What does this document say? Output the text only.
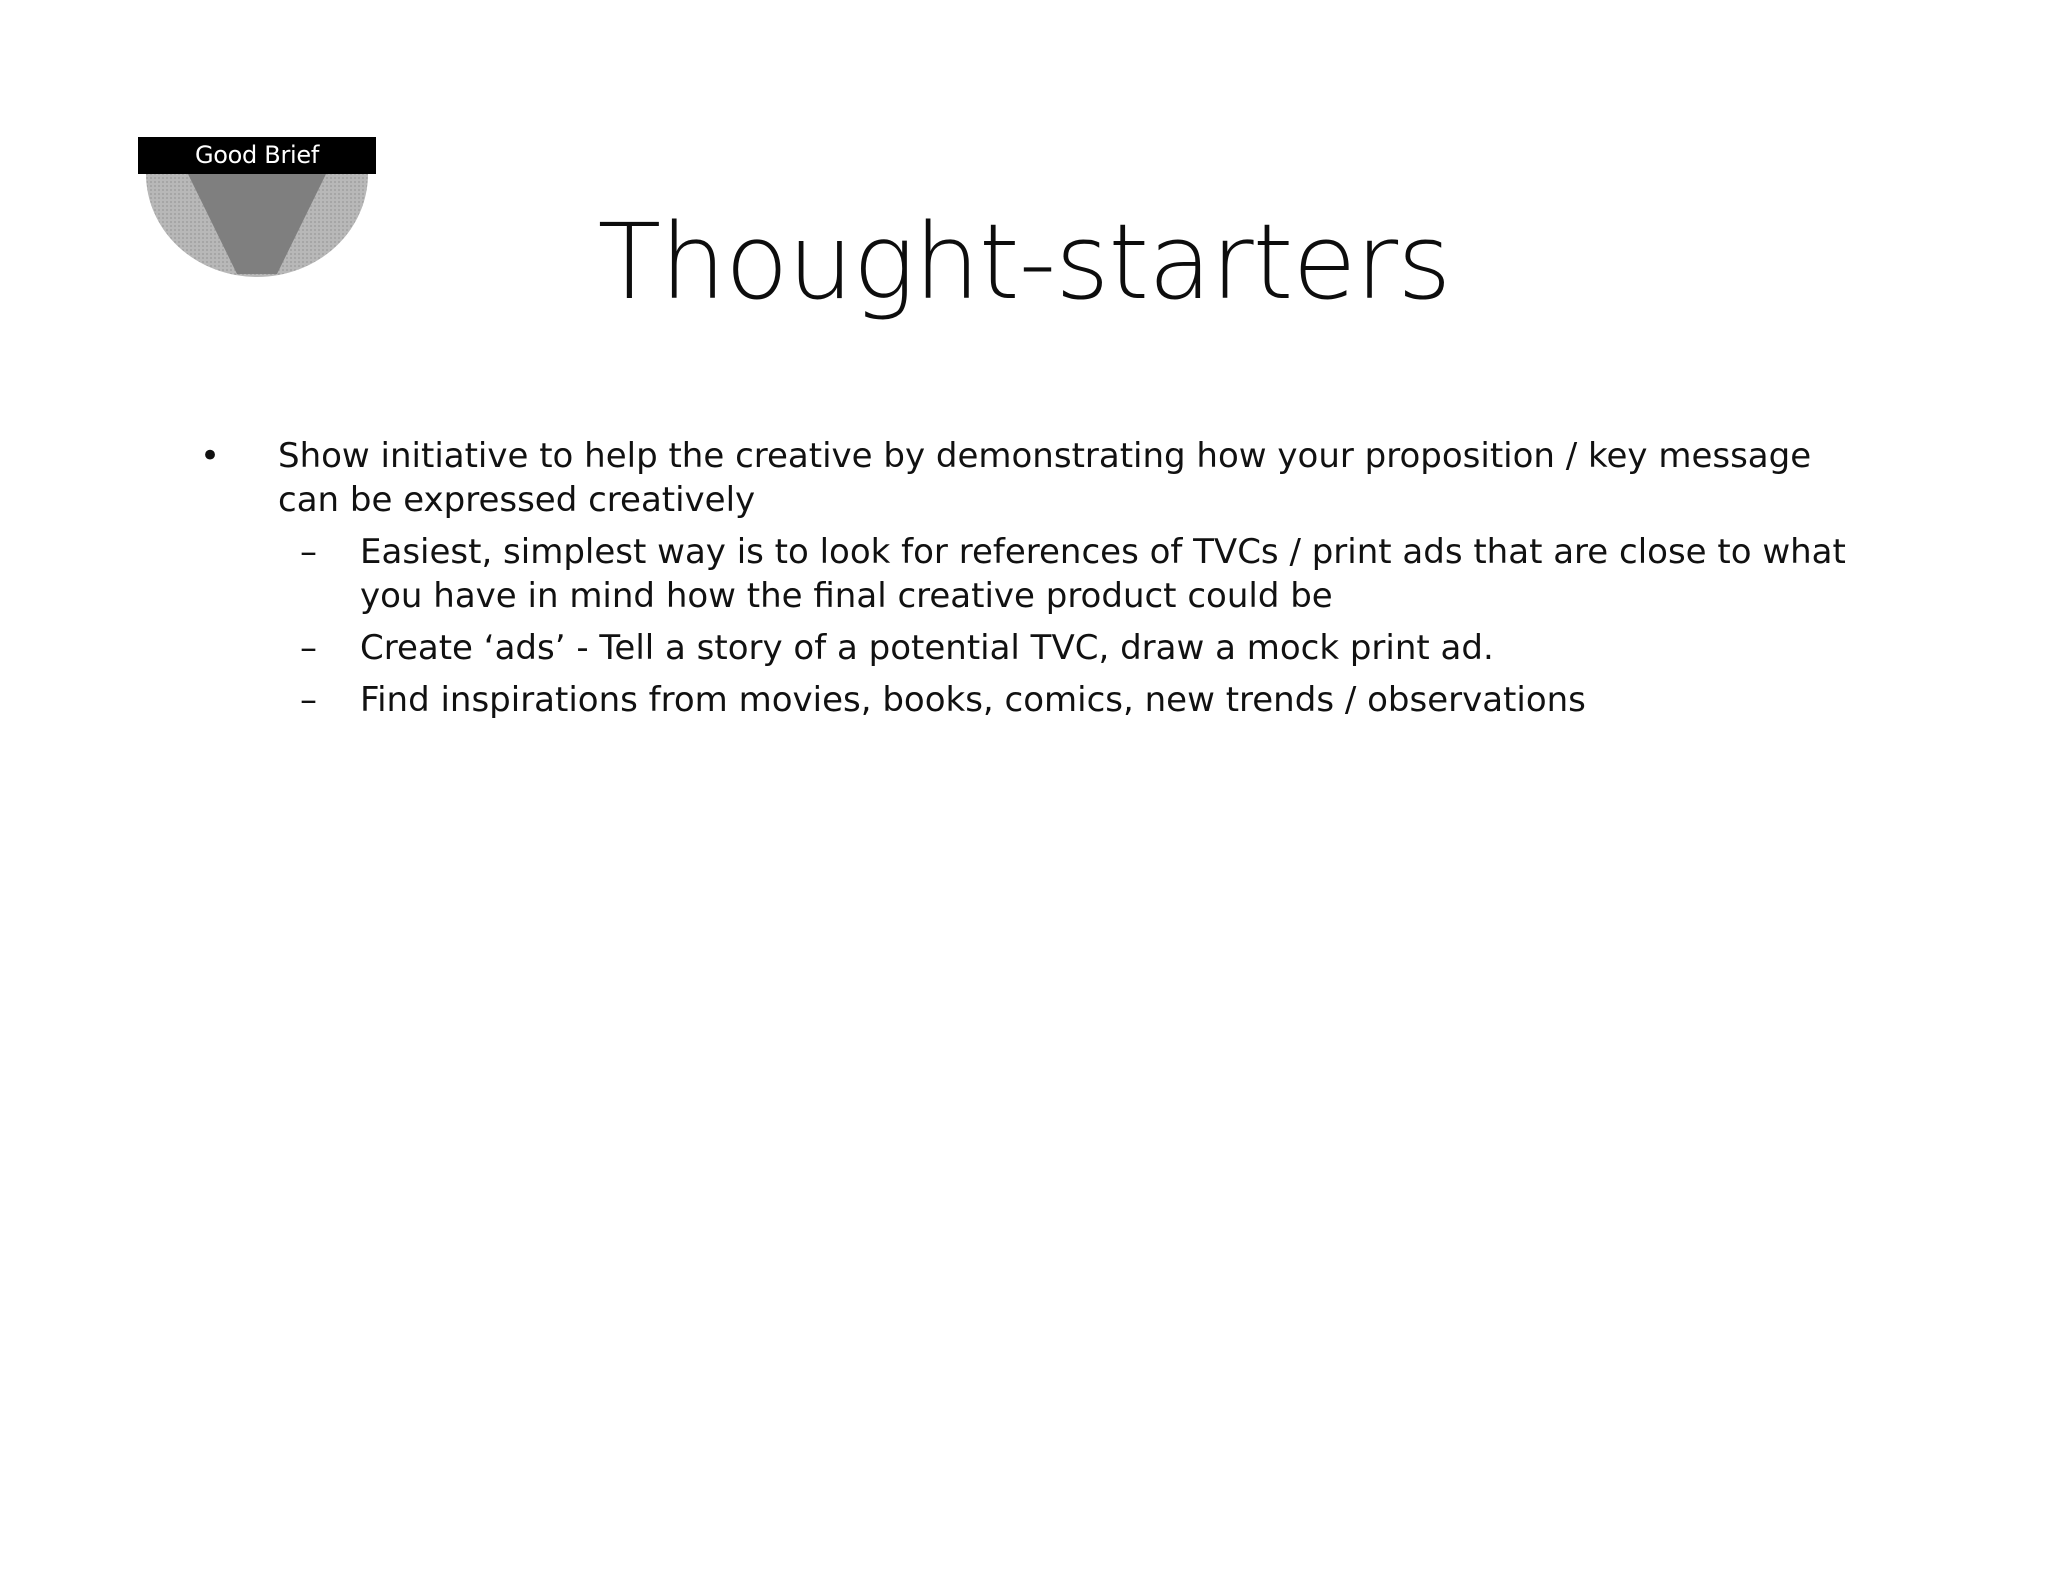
Good Brief
Thought-starters
•	Show initiative to help the creative by demonstrating how your proposition / key message can be expressed creatively
–	Easiest, simplest way is to look for references of TVCs / print ads that are close to what you have in mind how the final creative product could be
–	Create ‘ads’ - Tell a story of a potential TVC, draw a mock print ad.
–	Find inspirations from movies, books, comics, new trends / observations
